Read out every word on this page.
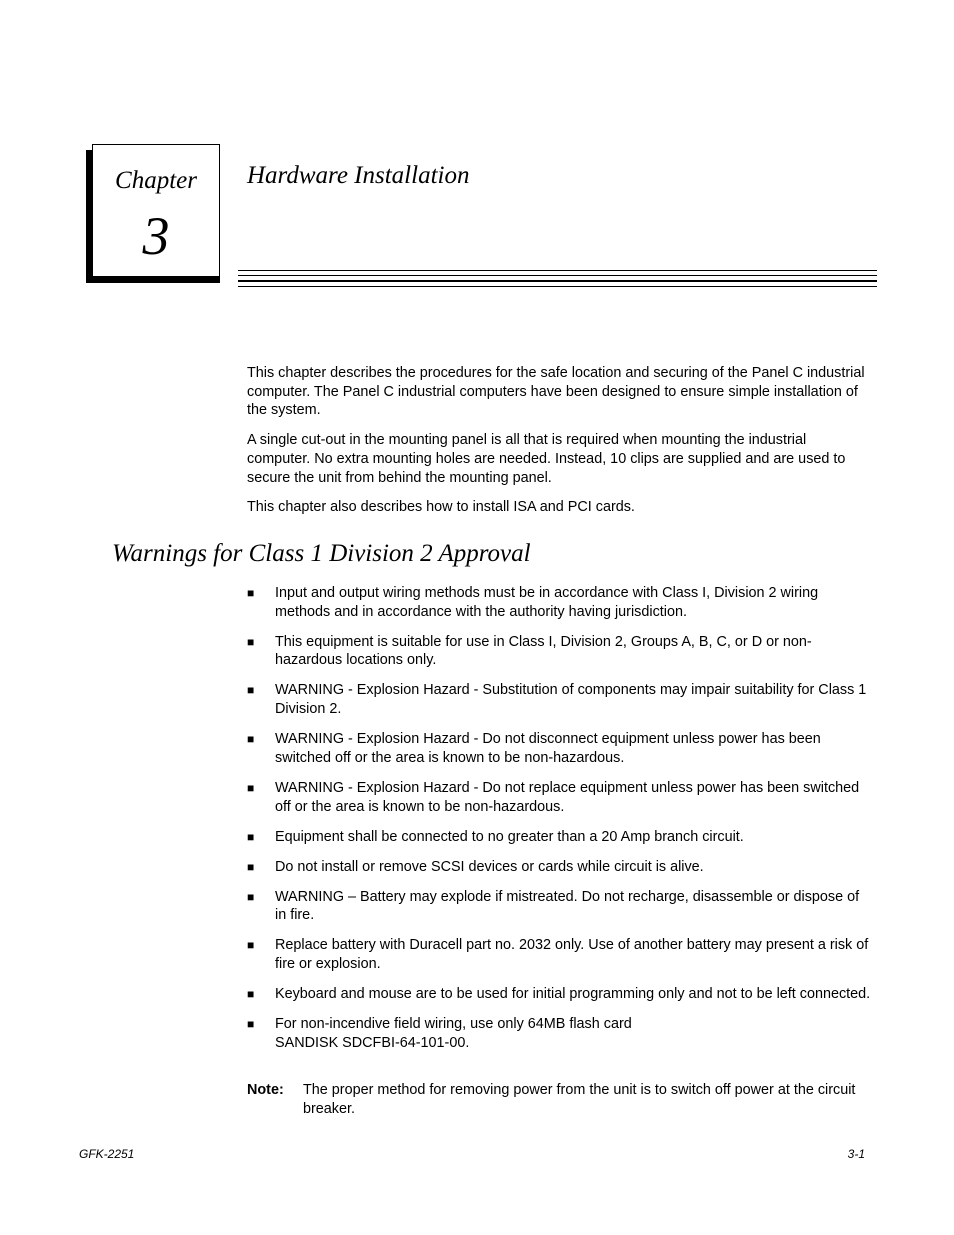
Chapter
3
Hardware Installation

This chapter describes the procedures for the safe location and securing of the Panel C industrial computer. The Panel C industrial computers have been designed to ensure simple installation of the system.

A single cut-out in the mounting panel is all that is required when mounting the industrial computer. No extra mounting holes are needed. Instead, 10 clips are supplied and are used to secure the unit from behind the mounting panel.

This chapter also describes how to install ISA and PCI cards.

Warnings for Class 1 Division 2 Approval
■ Input and output wiring methods must be in accordance with Class I, Division 2 wiring methods and in accordance with the authority having jurisdiction.
■ This equipment is suitable for use in Class I, Division 2, Groups A, B, C, or D or non-hazardous locations only.
■ WARNING - Explosion Hazard - Substitution of components may impair suitability for Class 1 Division 2.
■ WARNING - Explosion Hazard - Do not disconnect equipment unless power has been switched off or the area is known to be non-hazardous.
■ WARNING - Explosion Hazard - Do not replace equipment unless power has been switched off or the area is known to be non-hazardous.
■ Equipment shall be connected to no greater than a 20 Amp branch circuit.
■ Do not install or remove SCSI devices or cards while circuit is alive.
■ WARNING – Battery may explode if mistreated. Do not recharge, disassemble or dispose of in fire.
■ Replace battery with Duracell part no. 2032 only. Use of another battery may present a risk of fire or explosion.
■ Keyboard and mouse are to be used for initial programming only and not to be left connected.
■ For non-incendive field wiring, use only 64MB flash card
SANDISK SDCFBI-64-101-00.
Note:	The proper method for removing power from the unit is to switch off power at the circuit breaker.
GFK-2251	3-1
